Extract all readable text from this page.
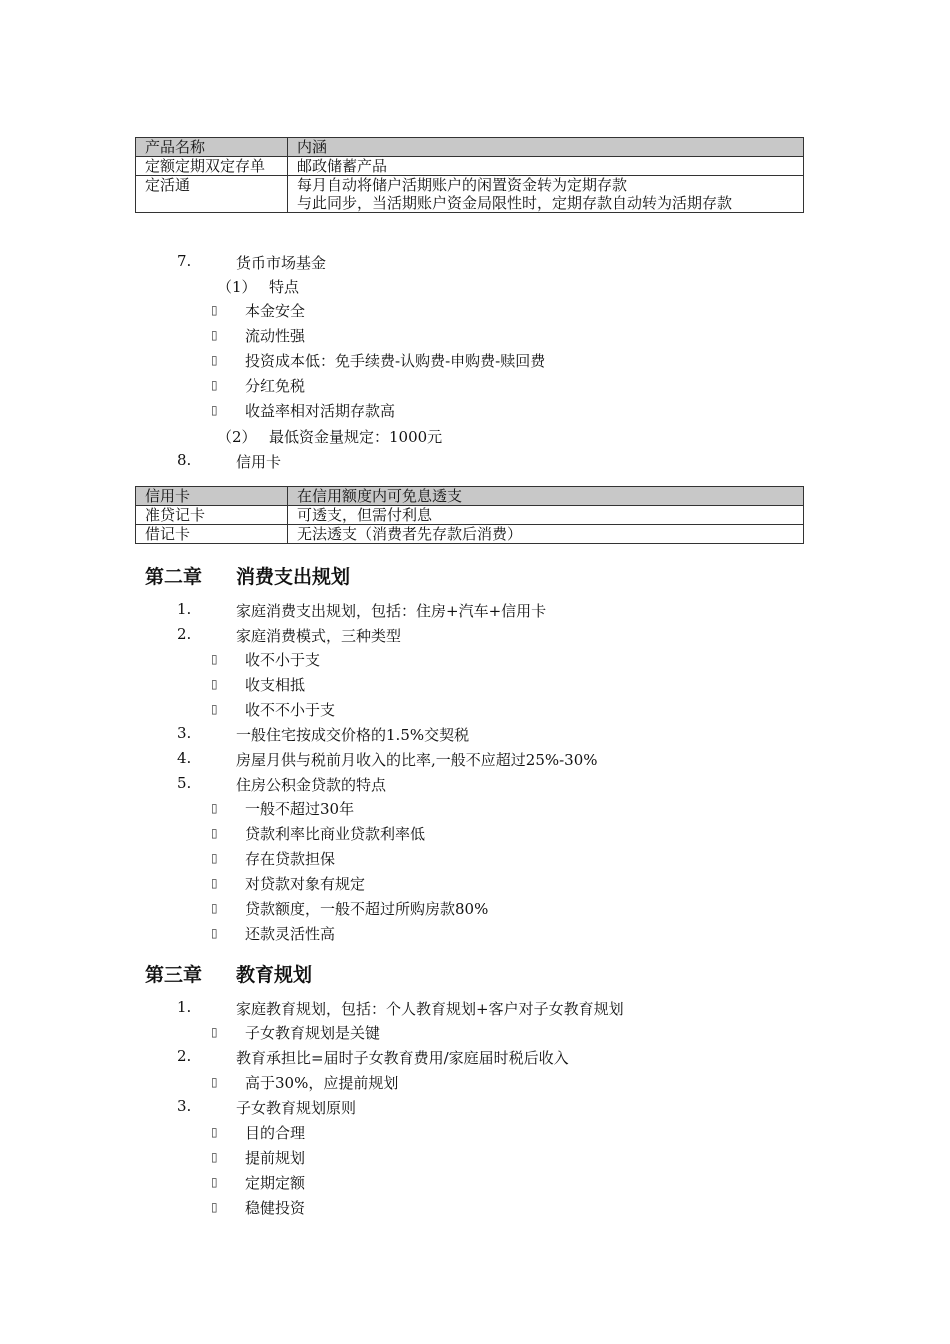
产品名称	内涵
定额定期双定存单	邮政储蓄产品
定活通	每月自动将储户活期账户的闲置资金转为定期存款
与此同步，当活期账户资金局限性时，定期存款自动转为活期存款
7.	货币市场基金
（1） 特点
▯ 本金安全
▯ 流动性强
▯ 投资成本低：免手续费-认购费-申购费-赎回费
▯ 分红免税
▯ 收益率相对活期存款高
（2） 最低资金量规定：1000元
8.	信用卡
信用卡	在信用额度内可免息透支
准贷记卡	可透支，但需付利息
借记卡	无法透支（消费者先存款后消费）
第二章 消费支出规划
1.	家庭消费支出规划，包括：住房+汽车+信用卡
2.	家庭消费模式，三种类型
▯ 收不小于支
▯ 收支相抵
▯ 收不不小于支
3.	一般住宅按成交价格的1.5%交契税
4.	房屋月供与税前月收入的比率,一般不应超过25%-30%
5.	住房公积金贷款的特点
▯ 一般不超过30年
▯ 贷款利率比商业贷款利率低
▯ 存在贷款担保
▯ 对贷款对象有规定
▯ 贷款额度，一般不超过所购房款80%
▯ 还款灵活性高
第三章 教育规划
1.	家庭教育规划，包括：个人教育规划+客户对子女教育规划
▯ 子女教育规划是关键
2.	教育承担比=届时子女教育费用/家庭届时税后收入
▯ 高于30%，应提前规划
3.	子女教育规划原则
▯ 目的合理
▯ 提前规划
▯ 定期定额
▯ 稳健投资
